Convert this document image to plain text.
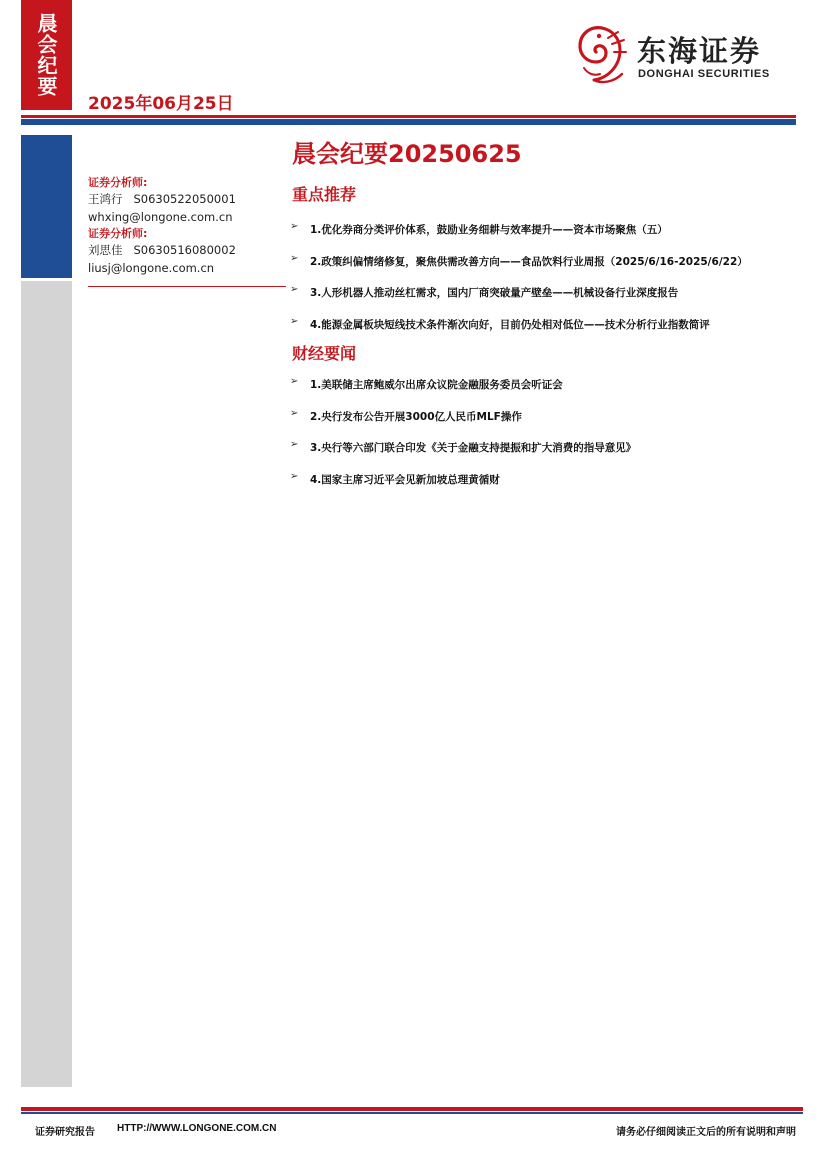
晨会纪要
2025年06月25日
东海证券
DONGHAI SECURITIES
证券分析师:
王鸿行   S0630522050001
whxing@longone.com.cn
证券分析师:
刘思佳   S0630516080002
liusj@longone.com.cn
晨会纪要20250625
重点推荐
➢ 1.优化券商分类评价体系，鼓励业务细耕与效率提升——资本市场聚焦（五）
➢ 2.政策纠偏情绪修复，聚焦供需改善方向——食品饮料行业周报（2025/6/16-2025/6/22）
➢ 3.人形机器人推动丝杠需求，国内厂商突破量产壁垒——机械设备行业深度报告
➢ 4.能源金属板块短线技术条件渐次向好，目前仍处相对低位——技术分析行业指数简评
财经要闻
➢ 1.美联储主席鲍威尔出席众议院金融服务委员会听证会
➢ 2.央行发布公告开展3000亿人民币MLF操作
➢ 3.央行等六部门联合印发《关于金融支持提振和扩大消费的指导意见》
➢ 4.国家主席习近平会见新加坡总理黄循财
证券研究报告 HTTP://WWW.LONGONE.COM.CN	请务必仔细阅读正文后的所有说明和声明
